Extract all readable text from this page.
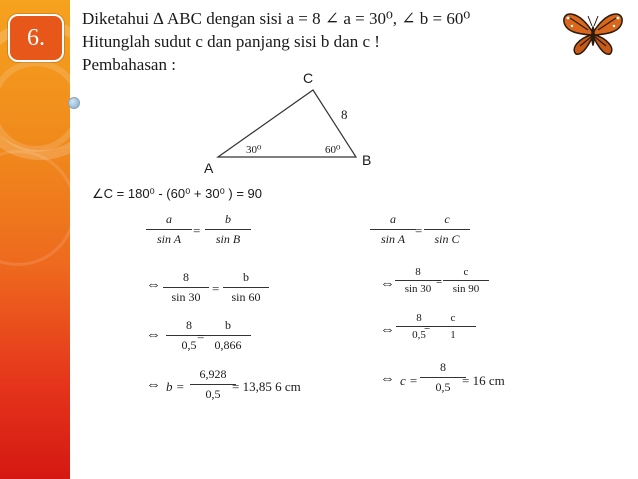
6.
Diketahui ∆ ABC dengan sisi a = 8 ∠ a = 30⁰, ∠ b = 60⁰
Hitunglah sudut c dan panjang sisi b dan c !
Pembahasan :
C
A	B
8
30⁰	60⁰
∠C = 180⁰ - (60⁰ + 30⁰ ) = 90
$\frac{a}{\text{sin A}} = \frac{b}{\text{sin B}}$
⇔ $\frac{8}{\sin 30} = \frac{b}{\sin 60}$
⇔ $\frac{8}{0,5}$
= $\frac{b}{0,866}$
⇔ $b = \frac{6,928}{0,5}$
= 13,85 6 cm
$\frac{a}{\text{sin A}} = \frac{c}{\text{sin C}}$
⇔ $\frac{8}{\sin 30}$
= $\frac{c}{\sin 90}$
⇔ $\frac{8}{0,5}$
= $\frac{c}{1}$
⇔ $c = \frac{8}{0,5}$
= 16 cm
